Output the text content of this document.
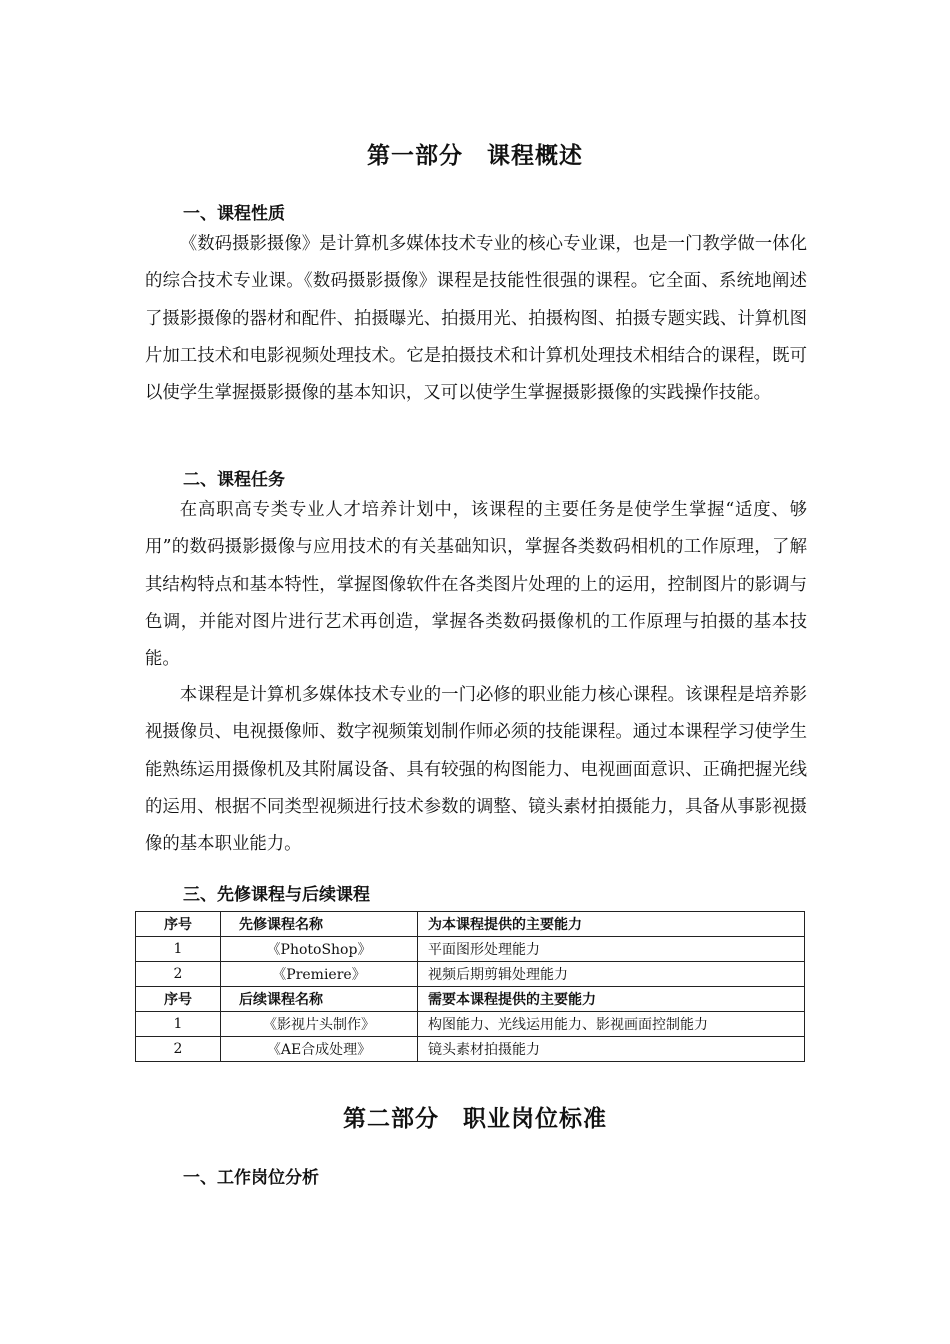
第一部分　课程概述
一、课程性质

《数码摄影摄像》是计算机多媒体技术专业的核心专业课，也是一门教学做一体化的综合技术专业课。《数码摄影摄像》课程是技能性很强的课程。它全面、系统地阐述了摄影摄像的器材和配件、拍摄曝光、拍摄用光、拍摄构图、拍摄专题实践、计算机图片加工技术和电影视频处理技术。它是拍摄技术和计算机处理技术相结合的课程，既可以使学生掌握摄影摄像的基本知识，又可以使学生掌握摄影摄像的实践操作技能。

二、课程任务

在高职高专类专业人才培养计划中，该课程的主要任务是使学生掌握“适度、够用”的数码摄影摄像与应用技术的有关基础知识，掌握各类数码相机的工作原理，了解其结构特点和基本特性，掌握图像软件在各类图片处理的上的运用，控制图片的影调与色调，并能对图片进行艺术再创造，掌握各类数码摄像机的工作原理与拍摄的基本技能。

本课程是计算机多媒体技术专业的一门必修的职业能力核心课程。该课程是培养影视摄像员、电视摄像师、数字视频策划制作师必须的技能课程。通过本课程学习使学生能熟练运用摄像机及其附属设备、具有较强的构图能力、电视画面意识、正确把握光线的运用、根据不同类型视频进行技术参数的调整、镜头素材拍摄能力，具备从事影视摄像的基本职业能力。

三、先修课程与后续课程
序号	先修课程名称	为本课程提供的主要能力
1	《PhotoShop》	平面图形处理能力
2	《Premiere》	视频后期剪辑处理能力
序号	后续课程名称	需要本课程提供的主要能力
1	《影视片头制作》	构图能力、光线运用能力、影视画面控制能力
2	《AE合成处理》	镜头素材拍摄能力
第二部分　职业岗位标准
一、工作岗位分析
